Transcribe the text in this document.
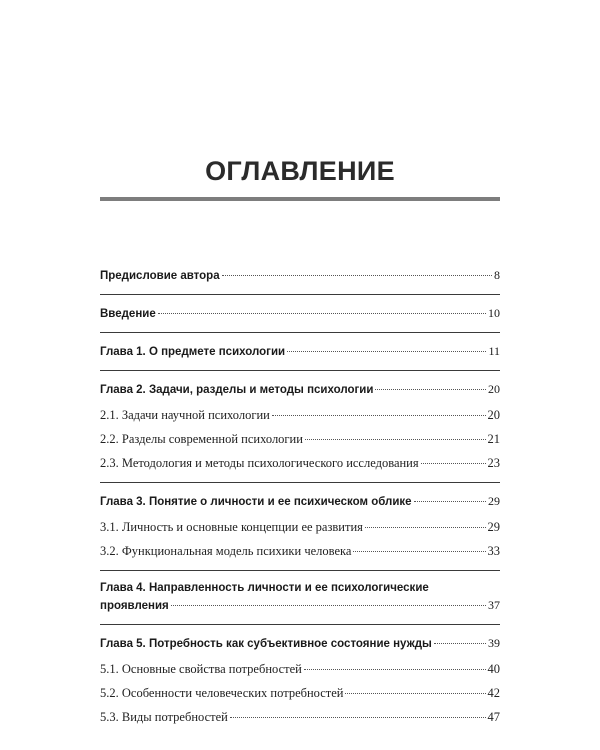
ОГЛАВЛЕНИЕ
Предисловие автора	8
Введение	10
Глава 1. О предмете психологии	11
Глава 2. Задачи, разделы и методы психологии	20
2.1. Задачи научной психологии	20
2.2. Разделы современной психологии	21
2.3. Методология и методы психологического исследования	23
Глава 3. Понятие о личности и ее психическом облике	29
3.1. Личность и основные концепции ее развития	29
3.2. Функциональная модель психики человека	33
Глава 4. Направленность личности и ее психологические
проявления	37
Глава 5. Потребность как субъективное состояние нужды	39
5.1. Основные свойства потребностей	40
5.2. Особенности человеческих потребностей	42
5.3. Виды потребностей	47
